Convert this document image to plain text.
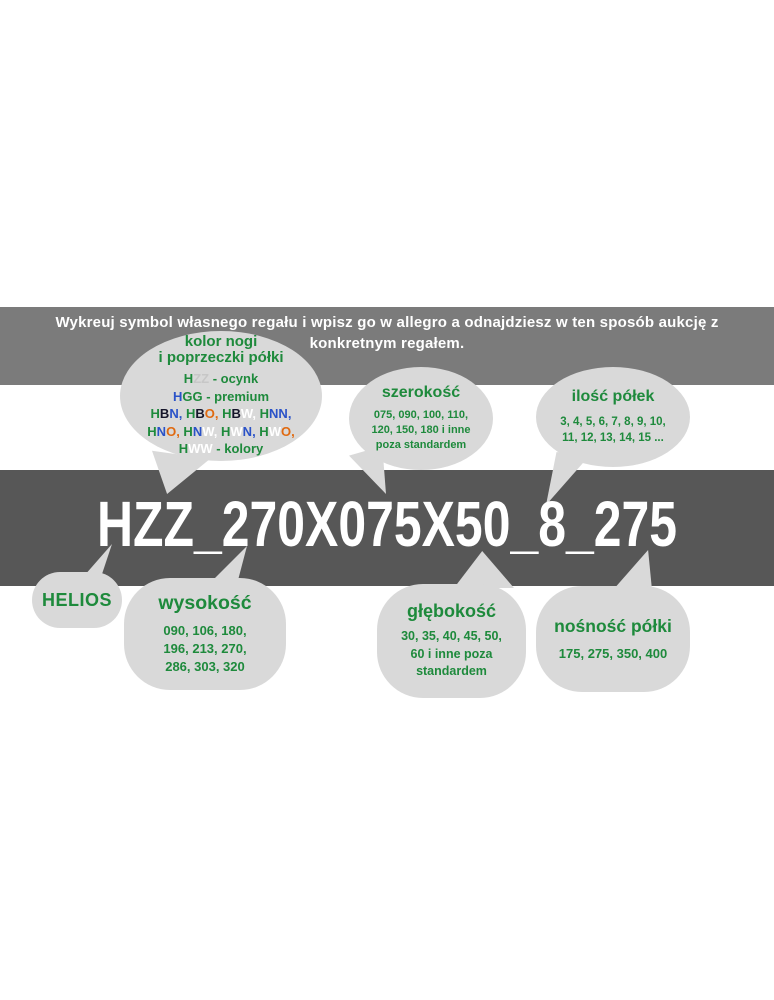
Wykreuj symbol własnego regału i wpisz go w allegro a odnajdziesz w ten sposób aukcję z
konkretnym regałem.
HZZ_270X075X50_8_275
kolor nogi
i poprzeczki półki
HZZ - ocynk
HGG - premium
HBN, HBO, HBW, HNN,
HNO, HNW, HWN, HWO,
HWW - kolory
szerokość
075, 090, 100, 110,
120, 150, 180 i inne
poza standardem
ilość półek
3, 4, 5, 6, 7, 8, 9, 10,
11, 12, 13, 14, 15 ...
wysokość
090, 106, 180,
196, 213, 270,
286, 303, 320
głębokość
30, 35, 40, 45, 50,
60 i inne poza
standardem
nośność półki
175, 275, 350, 400
HELIOS
